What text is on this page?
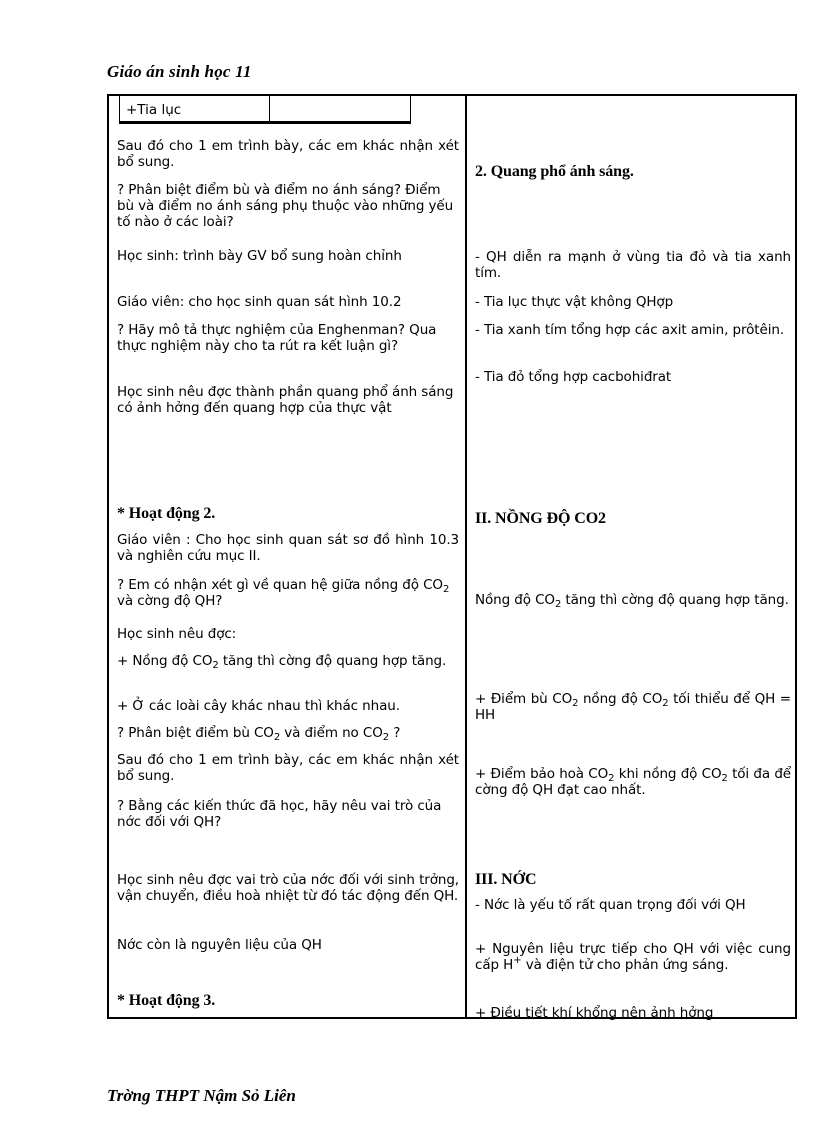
Giáo án sinh học 11
+Tia lục
Sau đó cho 1 em trình bày, các em khác nhận xét bổ sung.
? Phân biệt điểm bù và điểm no ánh sáng? Điểm bù và điểm no ánh sáng phụ thuộc vào những yếu tố nào ở các loài?
Học sinh: trình bày GV bổ sung hoàn chỉnh
Giáo viên: cho học sinh quan sát hình 10.2
? Hãy mô tả thực nghiệm của Enghenman? Qua thực nghiệm này cho ta rút ra kết luận gì?
Học sinh nêu đợc thành phần quang phổ ánh sáng có ảnh hởng đến quang hợp của thực vật
* Hoạt động 2.
Giáo viên : Cho học sinh quan sát sơ đồ hình 10.3 và nghiên cứu mục II.
? Em có nhận xét gì về quan hệ giữa nồng độ $CO_2$ và cờng độ QH?
Học sinh nêu đợc:
+ Nồng độ $CO_2$ tăng thì cờng độ quang hợp tăng.
+ Ở các loài cây khác nhau thì khác nhau.
? Phân biệt điểm bù $CO_2$ và điểm no $CO_2$ ?
Sau đó cho 1 em trình bày, các em khác nhận xét bổ sung.
? Bằng các kiến thức đã học, hãy nêu vai trò của nớc đối với QH?
Học sinh nêu đợc vai trò của nớc đối với sinh trởng, vận chuyển, điều hoà nhiệt từ đó tác động đến QH.
Nớc còn là nguyên liệu của QH
* Hoạt động 3.
2. Quang phổ ánh sáng.
- QH diễn ra mạnh ở vùng tia đỏ và tia xanh tím.
- Tia lục thực vật không QHợp
- Tia xanh tím tổng hợp các axit amin, prôtêin.
- Tia đỏ tổng hợp cacbohiđrat
II. NỒNG ĐỘ CO2
Nồng độ $CO_2$ tăng thì cờng độ quang hợp tăng.
+ Điểm bù $CO_2$ nồng độ $CO_2$ tối thiểu để QH = HH
+ Điểm bảo hoà $CO_2$ khi nồng độ $CO_2$ tối đa để cờng độ QH đạt cao nhất.
III. NỚC
- Nớc là yếu tố rất quan trọng đối với QH
+ Nguyên liệu trực tiếp cho QH với việc cung cấp H+ và điện tử cho phản ứng sáng.
+ Điều tiết khí khổng nên ảnh hởng
Trờng THPT Nậm Sỏ Liên
